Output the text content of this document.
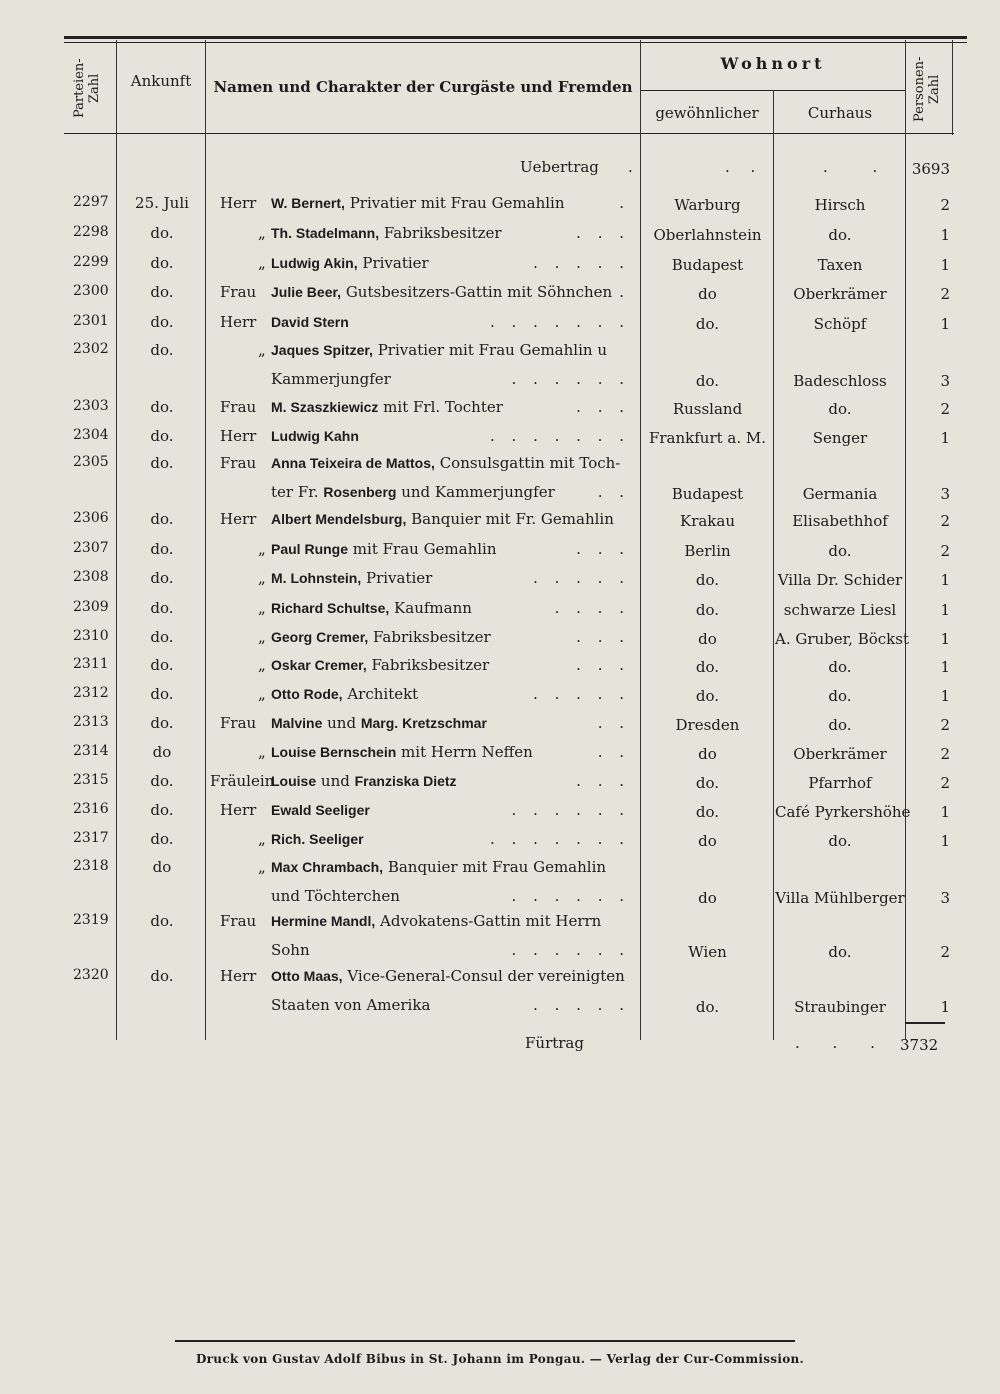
Parteien-Zahl	Ankunft	Namen und Charakter der Curgäste und Fremden
Wohnort
gewöhnlicher	Curhaus	Personen-Zahl
Uebertrag .	. .	. . 3693
2297	25. Juli	Herr	W. Bernert, Privatier mit Frau Gemahlin	.	Warburg	Hirsch	2
2298	do.	„ Th. Stadelmann, Fabriksbesitzer	. . .	Oberlahnstein	do.	1
2299	do.	„ Ludwig Akin, Privatier	. . . . .	Budapest	Taxen	1
2300	do.	Frau	Julie Beer, Gutsbesitzers-Gattin mit Söhnchen .	do	Oberkrämer	2
2301	do.	Herr	David Stern	. . . . . . .	do.	Schöpf	1
2302	do.	„ Jaques Spitzer, Privatier mit Frau Gemahlin u
Kammerjungfer	. . . . . .	do.	Badeschloss	3
2303	do.	Frau	M. Szaszkiewicz mit Frl. Tochter	. . .	Russland	do.	2
2304	do.	Herr	Ludwig Kahn	. . . . . . . Frankfurt a. M.	Senger	1
2305	do.	Frau	Anna Teixeira de Mattos, Consulsgattin mit Toch-
ter Fr. Rosenberg und Kammerjungfer	. .	Budapest	Germania	3
2306	do.	Herr	Albert Mendelsburg, Banquier mit Fr. Gemahlin	Krakau	Elisabethhof	2
2307	do.	„ Paul Runge mit Frau Gemahlin	. . .	Berlin	do.	2
2308	do.	„ M. Lohnstein, Privatier	. . . . .	do.	Villa Dr. Schider	1
2309	do.	„ Richard Schultse, Kaufmann	. . . .	do.	schwarze Liesl	1
2310	do.	„ Georg Cremer, Fabriksbesitzer	. . .	do	A. Gruber, Böckst	1
2311	do.	„ Oskar Cremer, Fabriksbesitzer	. . .	do.	do.	1
2312	do.	„ Otto Rode, Architekt	. . . . .	do.	do.	1
2313	do.	Frau	Malvine und Marg. Kretzschmar	. .	Dresden	do.	2
2314	do	„ Louise Bernschein mit Herrn Neffen	. .	do	Oberkrämer	2
2315	do.	Fräulein
Louise und Franziska Dietz	. . .	do.	Pfarrhof	2
2316	do.	Herr	Ewald Seeliger	. . . . . .	do.	Café Pyrkershöhe	1
2317	do.	„ Rich. Seeliger	. . . . . . .	do	do.	1
2318	do	„ Max Chrambach, Banquier mit Frau Gemahlin
und Töchterchen	. . . . . .	do	Villa Mühlberger	3
2319	do.	Frau	Hermine Mandl, Advokatens-Gattin mit Herrn
Sohn	. . . . . .	Wien	do.	2
2320	do.	Herr	Otto Maas, Vice-General-Consul der vereinigten
Staaten von Amerika	. . . . .	do.	Straubinger	1
Fürtrag	. . . 3732
Druck von Gustav Adolf Bibus in St. Johann im Pongau. — Verlag der Cur-Commission.
